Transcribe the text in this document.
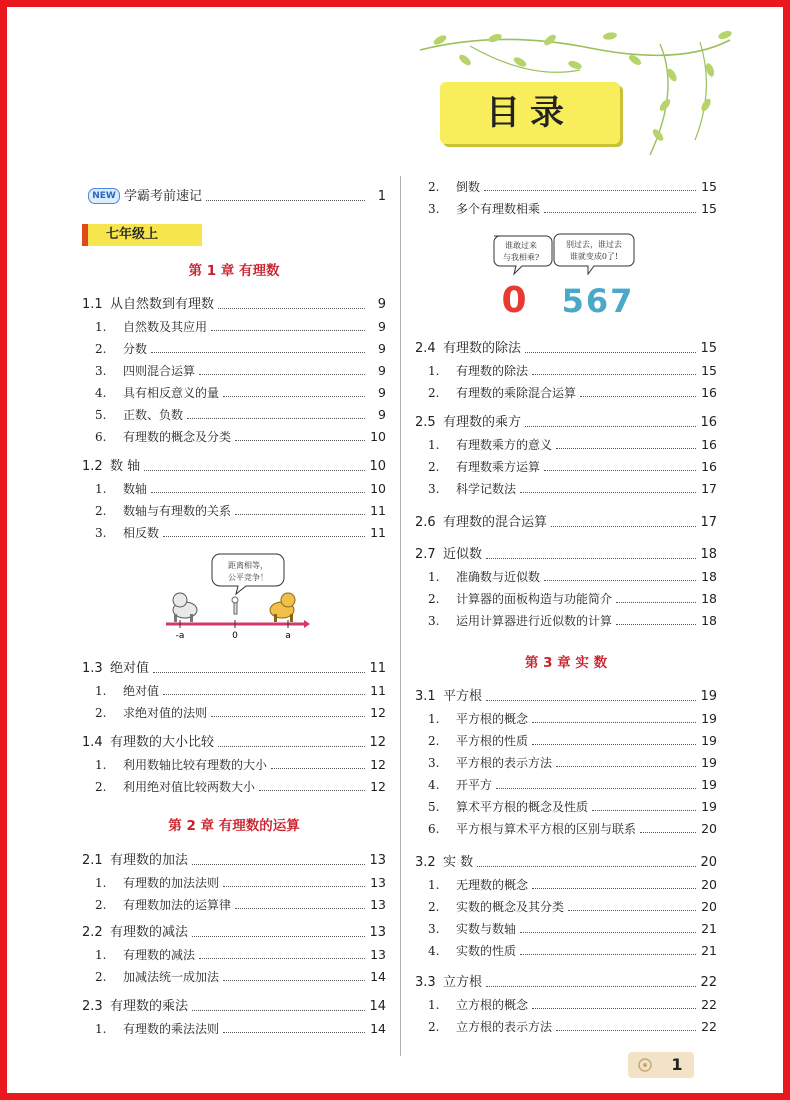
目录
NEW 学霸考前速记	1
七年级上
第 1 章 有理数
1.1 从自然数到有理数	9
1. 自然数及其应用	9
2. 分数	9
3. 四则混合运算	9
4. 具有相反意义的量	9
5. 正数、负数	9
6. 有理数的概念及分类	10
1.2 数 轴	10
1. 数轴	10
2. 数轴与有理数的关系	11
3. 相反数	11
距离相等，
公平竞争！
-a	0	a
1.3 绝对值	11
1. 绝对值	11
2. 求绝对值的法则	12
1.4 有理数的大小比较	12
1. 利用数轴比较有理数的大小	12
2. 利用绝对值比较两数大小	12
第 2 章 有理数的运算
2.1 有理数的加法	13
1. 有理数的加法法则	13
2. 有理数加法的运算律	13
2.2 有理数的减法	13
1. 有理数的减法	13
2. 加减法统一成加法	14
2.3 有理数的乘法	14
1. 有理数的乘法法则	14
2. 倒数	15
3. 多个有理数相乘	15
谁敢过来
与我相乘?
别过去，谁过去
谁就变成0了!
0 567
2.4 有理数的除法	15
1. 有理数的除法	15
2. 有理数的乘除混合运算	16
2.5 有理数的乘方	16
1. 有理数乘方的意义	16
2. 有理数乘方运算	16
3. 科学记数法	17
2.6 有理数的混合运算	17
2.7 近似数	18
1. 准确数与近似数	18
2. 计算器的面板构造与功能简介	18
3. 运用计算器进行近似数的计算	18
第 3 章 实 数
3.1 平方根	19
1. 平方根的概念	19
2. 平方根的性质	19
3. 平方根的表示方法	19
4. 开平方	19
5. 算术平方根的概念及性质	19
6. 平方根与算术平方根的区别与联系	20
3.2 实 数	20
1. 无理数的概念	20
2. 实数的概念及其分类	20
3. 实数与数轴	21
4. 实数的性质	21
3.3 立方根	22
1. 立方根的概念	22
2. 立方根的表示方法	22
1
